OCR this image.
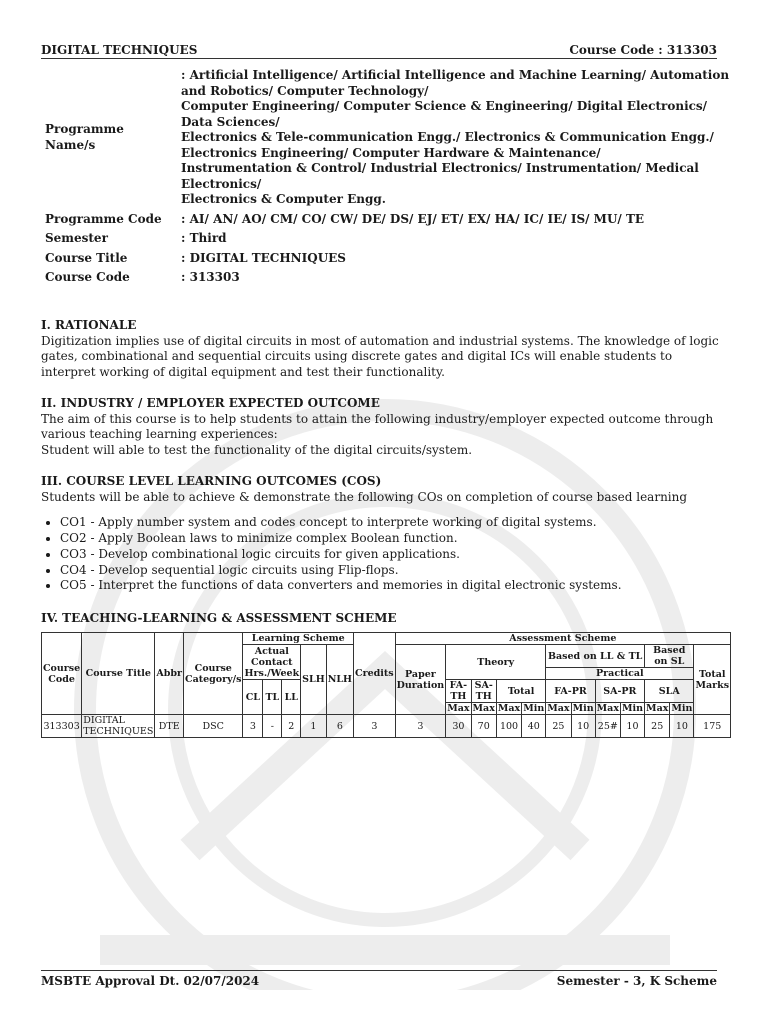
DIGITAL TECHNIQUES	Course Code : 313303
Programme Name/s	: Artificial Intelligence/ Artificial Intelligence and Machine Learning/ Automation and Robotics/ Computer Technology/
Computer Engineering/ Computer Science & Engineering/ Digital Electronics/ Data Sciences/
Electronics & Tele-communication Engg./ Electronics & Communication Engg./ Electronics Engineering/ Computer Hardware & Maintenance/
Instrumentation & Control/ Industrial Electronics/ Instrumentation/ Medical Electronics/
Electronics & Computer Engg.

Programme Code	: AI/ AN/ AO/ CM/ CO/ CW/ DE/ DS/ EJ/ ET/ EX/ HA/ IC/ IE/ IS/ MU/ TE
Semester	: Third
Course Title	: DIGITAL TECHNIQUES
Course Code	: 313303
I. RATIONALE

Digitization implies use of digital circuits in most of automation and industrial systems. The knowledge of logic gates, combinational and sequential circuits using discrete gates and digital ICs will enable students to interpret working of digital equipment and test their functionality.

II. INDUSTRY / EMPLOYER EXPECTED OUTCOME

The aim of this course is to help students to attain the following industry/employer expected outcome through various teaching learning experiences:

Student will able to test the functionality of the digital circuits/system.

III. COURSE LEVEL LEARNING OUTCOMES (COS)

Students will be able to achieve & demonstrate the following COs on completion of course based learning

• CO1 - Apply number system and codes concept to interprete working of digital systems.
• CO2 - Apply Boolean laws to minimize complex Boolean function.
• CO3 - Develop combinational logic circuits for given applications.
• CO4 - Develop sequential logic circuits using Flip-flops.
• CO5 - Interpret the functions of data converters and memories in digital electronic systems.
IV. TEACHING-LEARNING & ASSESSMENT SCHEME
Course Code	Course Title	Abbr	Course Category/s	Learning Scheme					Credits	Assessment Scheme											
				Actual Contact Hrs./Week			SLH	NLH		Paper Duration	Theory				Based on LL & TL				Based on SL		Total Marks
															Practical						
				CL	TL	LL					FA-TH	SA-TH	Total		FA-PR		SA-PR		SLA		

											Max	Max	Max	Min	Max	Min	Max	Min	Max	Min	
313303	DIGITAL TECHNIQUES	DTE	DSC	3	-	2	1	6	3	3	30	70	100	40	25	10	25#	10	25	10	175
MSBTE Approval Dt. 02/07/2024	Semester - 3, K Scheme
